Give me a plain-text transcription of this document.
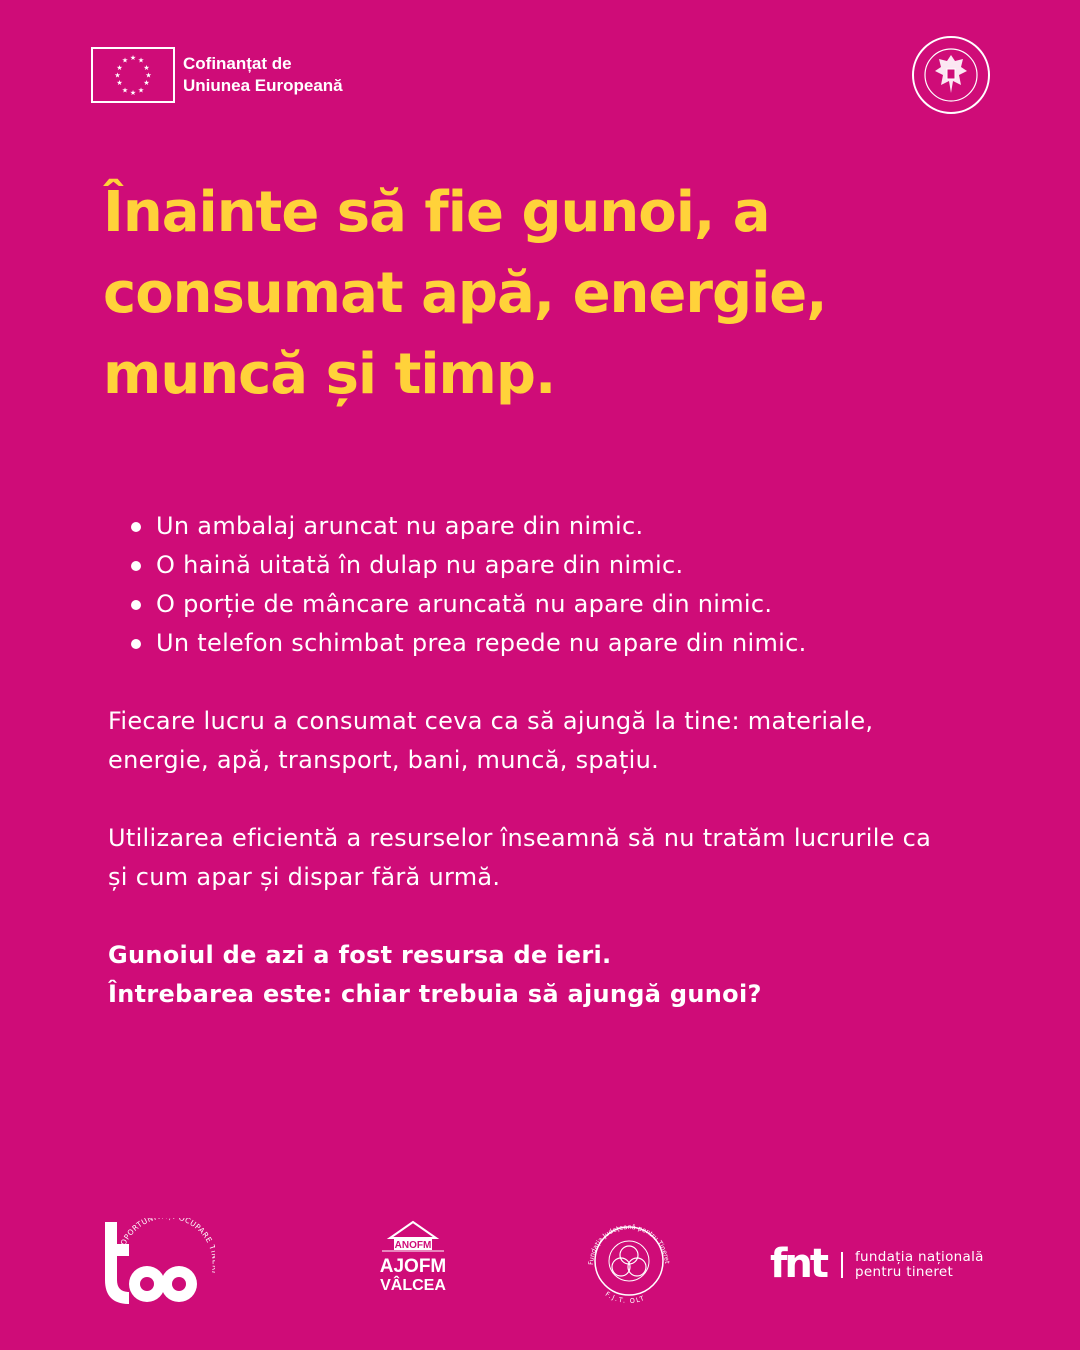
★ ★
★
★
★
★
★
★
★
★
★
★	Cofinanțat de
Uniunea Europeană
Înainte să fie gunoi, a
consumat apă, energie,
muncă și timp.
Un ambalaj aruncat nu apare din nimic.
O haină uitată în dulap nu apare din nimic.
O porție de mâncare aruncată nu apare din nimic.
Un telefon schimbat prea repede nu apare din nimic.
Fiecare lucru a consumat ceva ca să ajungă la tine: materiale,
energie, apă, transport, bani, muncă, spațiu.
Utilizarea eficientă a resurselor înseamnă să nu tratăm lucrurile ca
și cum apar și dispar fără urmă.
Gunoiul de azi a fost resursa de ieri.
Întrebarea este: chiar trebuia să ajungă gunoi?
OPORTUN OCUPARE
ANOFM
AJOFM
VÂLCEA
Fundația Județeană pentru Tineret
F.J.T. OLT
fnt fundația națională
pentru tineret
